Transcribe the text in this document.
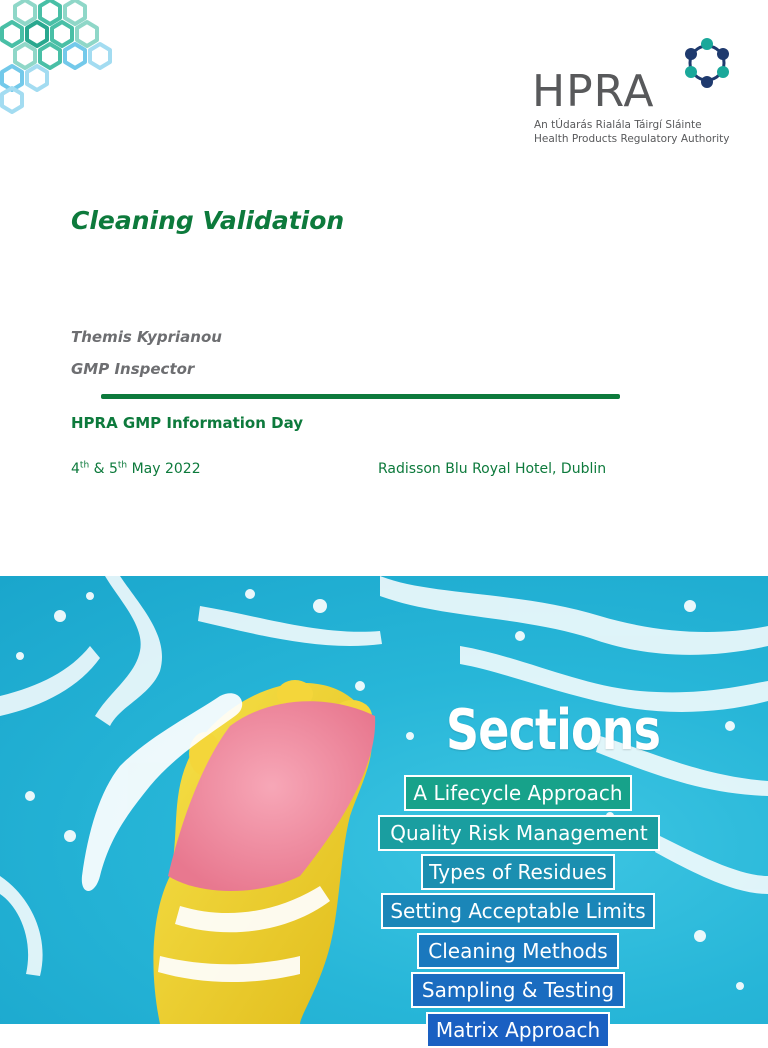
HPRA
An tÚdarás Rialála Táirgí Sláinte
Health Products Regulatory Authority
Cleaning Validation
Themis Kyprianou
GMP Inspector
HPRA GMP Information Day
4th & 5th May 2022	Radisson Blu Royal Hotel, Dublin
Sections
A Lifecycle Approach
Quality Risk Management
Types of Residues
Setting Acceptable Limits
Cleaning Methods
Sampling & Testing
Matrix Approach
